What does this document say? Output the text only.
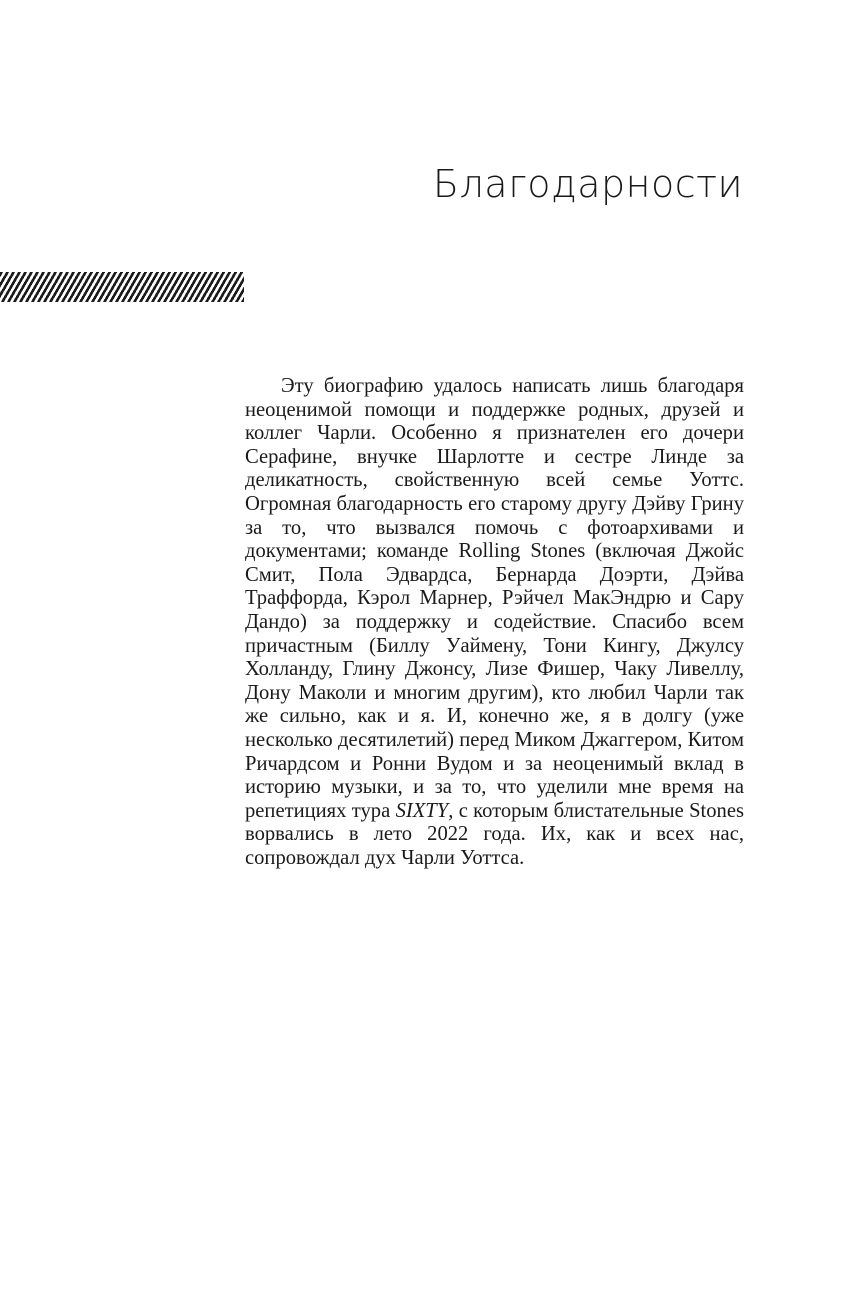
Благодарности

Эту биографию удалось написать лишь благодаря неоценимой помощи и поддержке родных, друзей и коллег Чарли. Особенно я признателен его дочери Серафине, внучке Шарлотте и сестре Линде за деликатность, свойственную всей семье Уоттс. Огромная благодарность его старому другу Дэйву Грину за то, что вызвался помочь с фотоархивами и документами; команде Rolling Stones (включая Джойс Смит, Пола Эдвардса, Бернарда Доэрти, Дэйва Траффорда, Кэрол Марнер, Рэйчел МакЭндрю и Сару Дандо) за поддержку и содействие. Спасибо всем причастным (Биллу Уаймену, Тони Кингу, Джулсу Холланду, Глину Джонсу, Лизе Фишер, Чаку Ливеллу, Дону Маколи и многим другим), кто любил Чарли так же сильно, как и я. И, конечно же, я в долгу (уже несколько десятилетий) перед Миком Джаггером, Китом Ричардсом и Ронни Вудом и за неоценимый вклад в историю музыки, и за то, что уделили мне время на репетициях тура SIXTY, с которым блистательные Stones ворвались в лето 2022 года. Их, как и всех нас, сопровождал дух Чарли Уоттса.
